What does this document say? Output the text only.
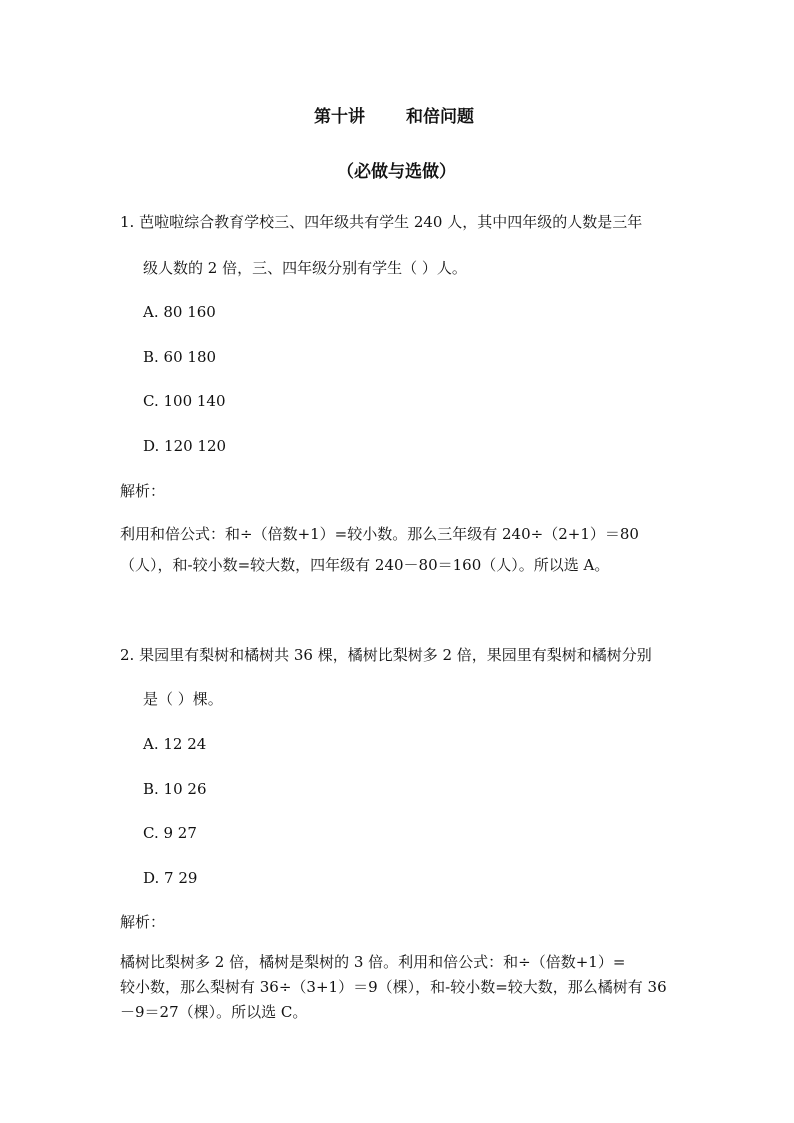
第十讲 和倍问题
（必做与选做）
1. 芭啦啦综合教育学校三、四年级共有学生 240 人，其中四年级的人数是三年
级人数的 2 倍，三、四年级分别有学生（ ）人。
A. 80 160
B. 60 180
C. 100 140
D. 120 120
解析：
利用和倍公式：和÷（倍数+1）=较小数。那么三年级有 240÷（2+1）＝80
（人），和-较小数=较大数，四年级有 240－80＝160（人）。所以选 A。
2. 果园里有梨树和橘树共 36 棵，橘树比梨树多 2 倍，果园里有梨树和橘树分别
是（ ）棵。
A. 12 24
B. 10 26
C. 9 27
D. 7 29
解析：
橘树比梨树多 2 倍，橘树是梨树的 3 倍。利用和倍公式：和÷（倍数+1）=
较小数，那么梨树有 36÷（3+1）＝9（棵），和-较小数=较大数，那么橘树有 36
－9＝27（棵）。所以选 C。
